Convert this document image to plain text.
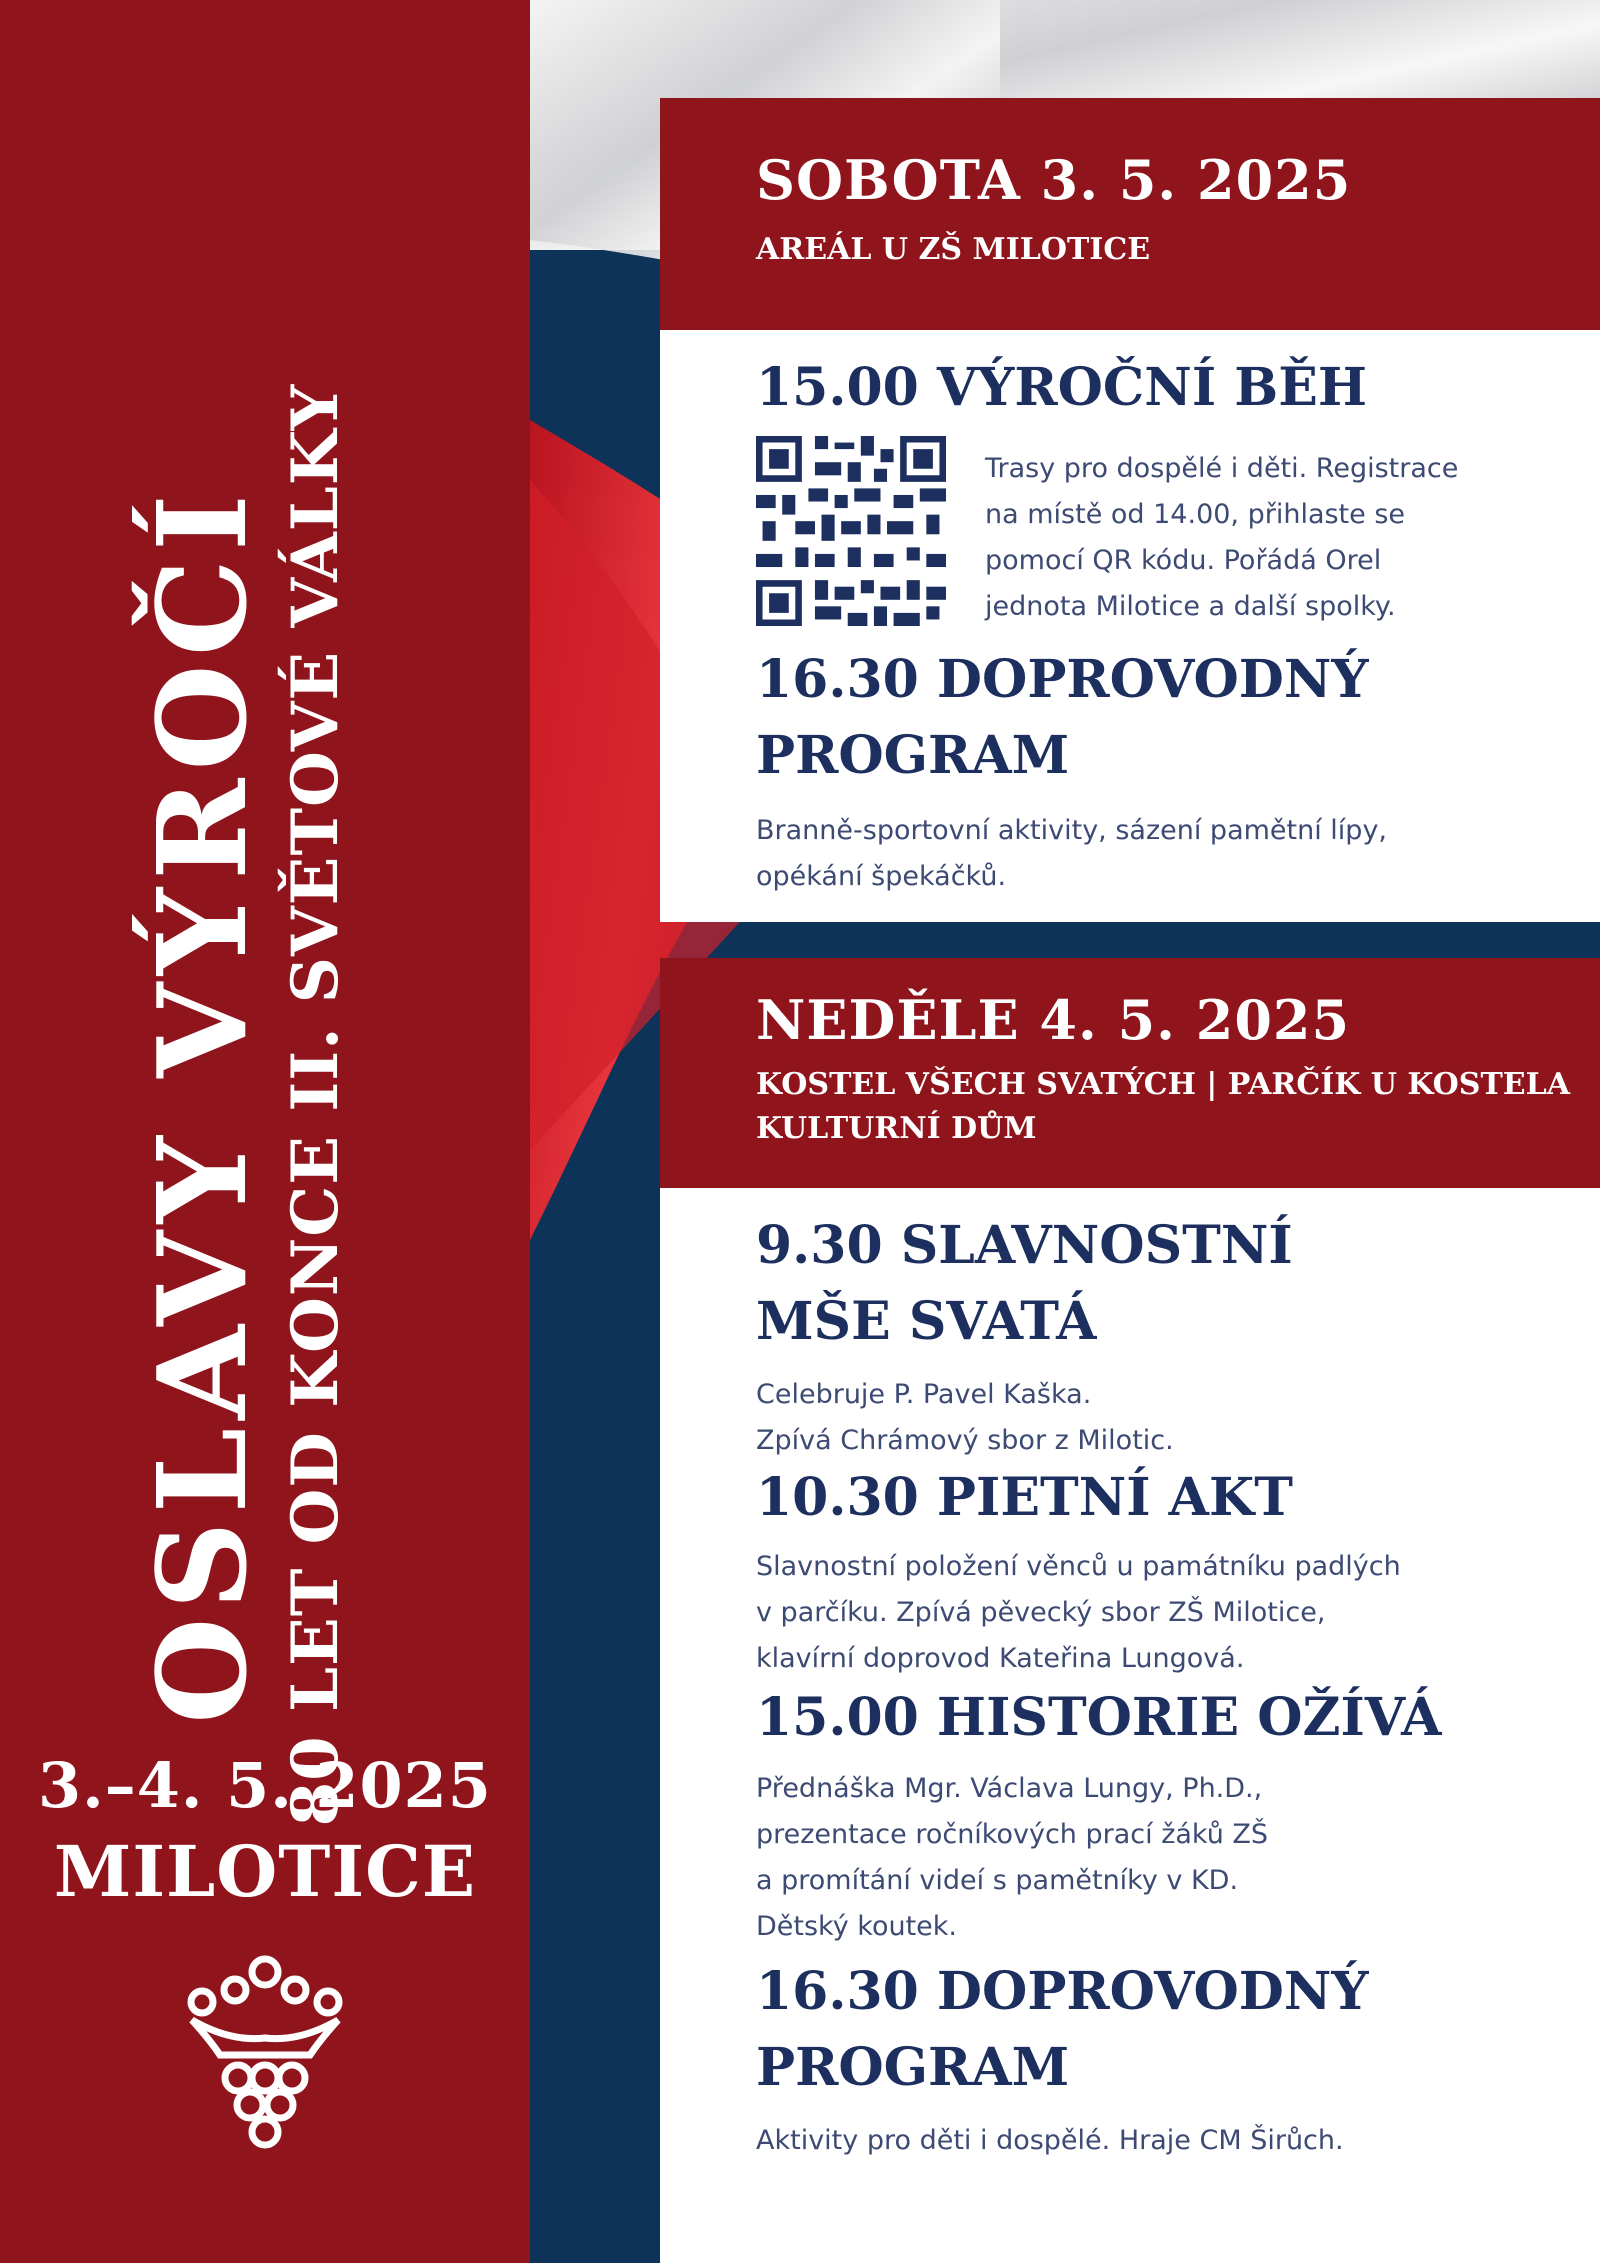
OSLAVY VÝROČÍ 80 LET OD KONCE II. SVĚTOVÉ VÁLKY
3.–4. 5. 2025
MILOTICE
SOBOTA 3. 5. 2025
AREÁL U ZŠ MILOTICE
15.00 VÝROČNÍ BĚH
Trasy pro dospělé i děti. Registrace
na místě od 14.00, přihlaste se
pomocí QR kódu. Pořádá Orel
jednota Milotice a další spolky.
16.30 DOPROVODNÝ
PROGRAM
Branně-sportovní aktivity, sázení pamětní lípy,
opékání špekáčků.
NEDĚLE 4. 5. 2025
KOSTEL VŠECH SVATÝCH | PARČÍK U KOSTELA
KULTURNÍ DŮM
9.30 SLAVNOSTNÍ
MŠE SVATÁ
Celebruje P. Pavel Kaška.
Zpívá Chrámový sbor z Milotic.
10.30 PIETNÍ AKT
Slavnostní položení věnců u památníku padlých
v parčíku. Zpívá pěvecký sbor ZŠ Milotice,
klavírní doprovod Kateřina Lungová.
15.00 HISTORIE OŽÍVÁ
Přednáška Mgr. Václava Lungy, Ph.D.,
prezentace ročníkových prací žáků ZŠ
a promítání videí s pamětníky v KD.
Dětský koutek.
16.30 DOPROVODNÝ
PROGRAM
Aktivity pro děti i dospělé. Hraje CM Širůch.
